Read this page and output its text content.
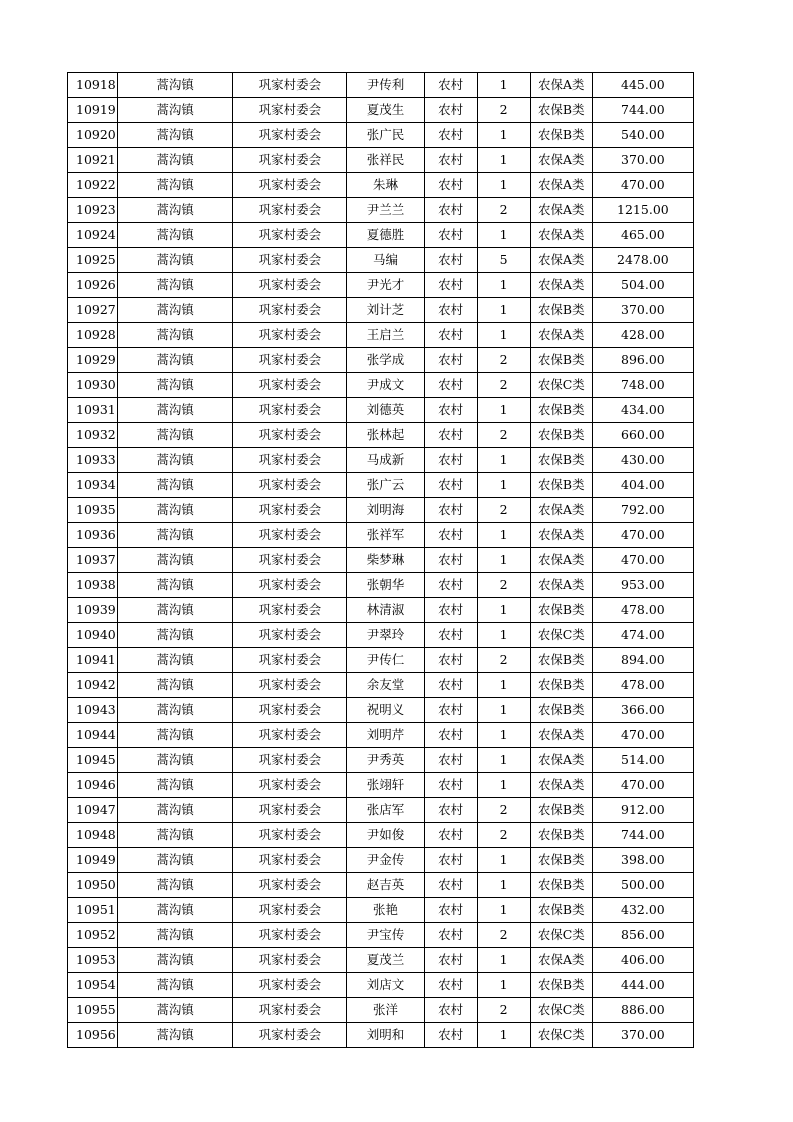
10918	蒿沟镇	巩家村委会	尹传利	农村	1	农保A类	445.00
10919	蒿沟镇	巩家村委会	夏茂生	农村	2	农保B类	744.00
10920	蒿沟镇	巩家村委会	张广民	农村	1	农保B类	540.00
10921	蒿沟镇	巩家村委会	张祥民	农村	1	农保A类	370.00
10922	蒿沟镇	巩家村委会	朱琳	农村	1	农保A类	470.00
10923	蒿沟镇	巩家村委会	尹兰兰	农村	2	农保A类	1215.00
10924	蒿沟镇	巩家村委会	夏德胜	农村	1	农保A类	465.00
10925	蒿沟镇	巩家村委会	马编	农村	5	农保A类	2478.00
10926	蒿沟镇	巩家村委会	尹光才	农村	1	农保A类	504.00
10927	蒿沟镇	巩家村委会	刘计芝	农村	1	农保B类	370.00
10928	蒿沟镇	巩家村委会	王启兰	农村	1	农保A类	428.00
10929	蒿沟镇	巩家村委会	张学成	农村	2	农保B类	896.00
10930	蒿沟镇	巩家村委会	尹成文	农村	2	农保C类	748.00
10931	蒿沟镇	巩家村委会	刘德英	农村	1	农保B类	434.00
10932	蒿沟镇	巩家村委会	张林起	农村	2	农保B类	660.00
10933	蒿沟镇	巩家村委会	马成新	农村	1	农保B类	430.00
10934	蒿沟镇	巩家村委会	张广云	农村	1	农保B类	404.00
10935	蒿沟镇	巩家村委会	刘明海	农村	2	农保A类	792.00
10936	蒿沟镇	巩家村委会	张祥军	农村	1	农保A类	470.00
10937	蒿沟镇	巩家村委会	柴梦琳	农村	1	农保A类	470.00
10938	蒿沟镇	巩家村委会	张朝华	农村	2	农保A类	953.00
10939	蒿沟镇	巩家村委会	林清淑	农村	1	农保B类	478.00
10940	蒿沟镇	巩家村委会	尹翠玲	农村	1	农保C类	474.00
10941	蒿沟镇	巩家村委会	尹传仁	农村	2	农保B类	894.00
10942	蒿沟镇	巩家村委会	余友堂	农村	1	农保B类	478.00
10943	蒿沟镇	巩家村委会	祝明义	农村	1	农保B类	366.00
10944	蒿沟镇	巩家村委会	刘明芹	农村	1	农保A类	470.00
10945	蒿沟镇	巩家村委会	尹秀英	农村	1	农保A类	514.00
10946	蒿沟镇	巩家村委会	张翊轩	农村	1	农保A类	470.00
10947	蒿沟镇	巩家村委会	张店军	农村	2	农保B类	912.00
10948	蒿沟镇	巩家村委会	尹如俊	农村	2	农保B类	744.00
10949	蒿沟镇	巩家村委会	尹金传	农村	1	农保B类	398.00
10950	蒿沟镇	巩家村委会	赵吉英	农村	1	农保B类	500.00
10951	蒿沟镇	巩家村委会	张艳	农村	1	农保B类	432.00
10952	蒿沟镇	巩家村委会	尹宝传	农村	2	农保C类	856.00
10953	蒿沟镇	巩家村委会	夏茂兰	农村	1	农保A类	406.00
10954	蒿沟镇	巩家村委会	刘店文	农村	1	农保B类	444.00
10955	蒿沟镇	巩家村委会	张洋	农村	2	农保C类	886.00
10956	蒿沟镇	巩家村委会	刘明和	农村	1	农保C类	370.00
